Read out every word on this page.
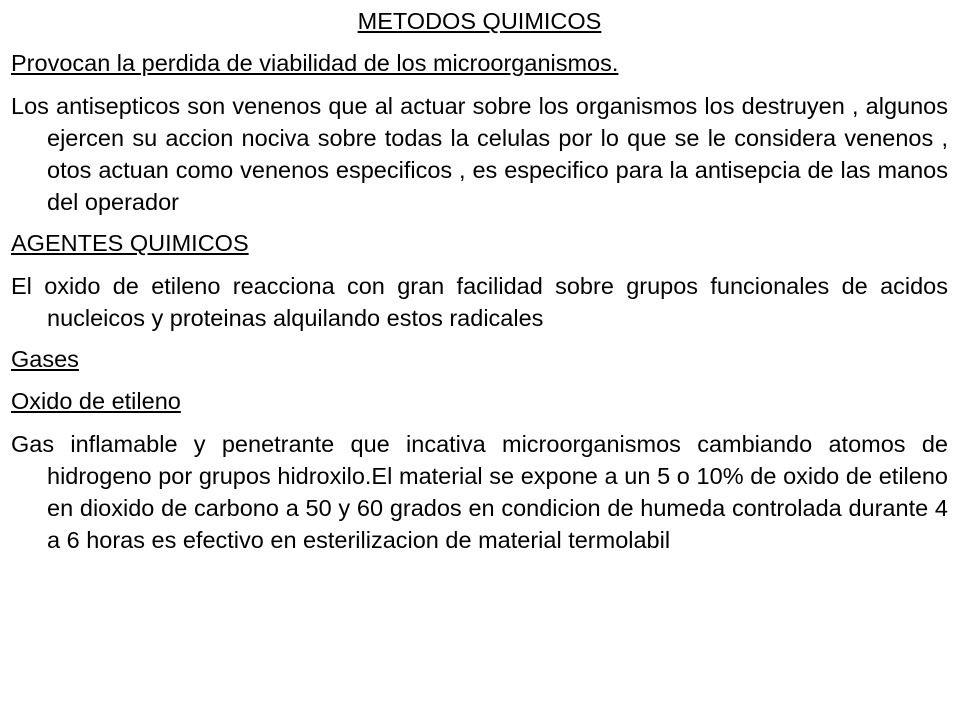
METODOS QUIMICOS
Provocan la perdida de viabilidad de los microorganismos.
Los antisepticos son venenos que al actuar sobre los organismos los destruyen , algunos ejercen su accion nociva sobre todas la celulas por lo que se le considera venenos , otos actuan como venenos especificos , es especifico para la antisepcia de las manos del operador
AGENTES QUIMICOS
El oxido de etileno reacciona con gran facilidad sobre grupos funcionales de acidos nucleicos y proteinas alquilando estos radicales
Gases
Oxido de etileno
Gas inflamable y penetrante que incativa microorganismos cambiando atomos de hidrogeno por grupos hidroxilo.El material se expone a un 5 o 10% de oxido de etileno en dioxido de carbono a 50 y 60 grados en condicion de humeda controlada durante 4 a 6 horas es efectivo en esterilizacion de material termolabil
